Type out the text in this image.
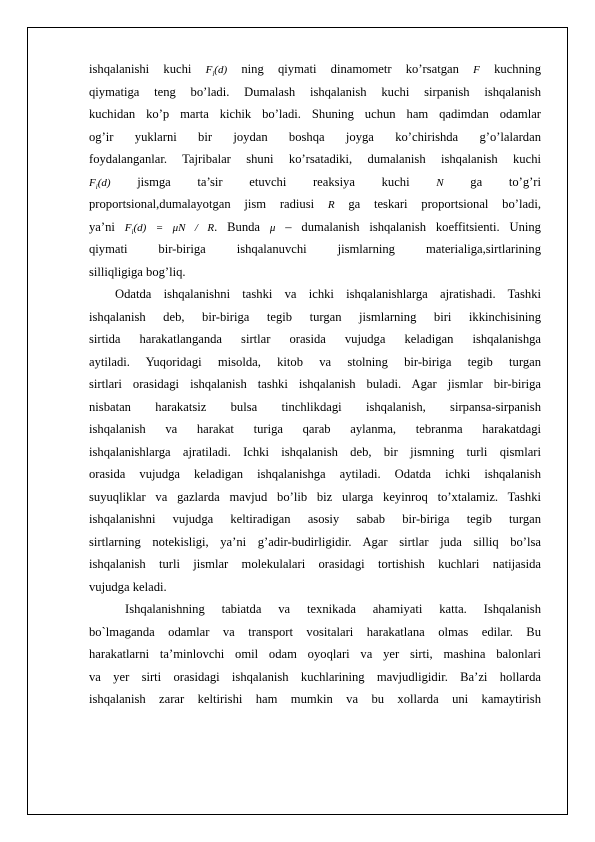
ishqalanishi kuchi $F_i(d)$ ning qiymati dinamometr ko’rsatgan F kuchning
qiymatiga teng bo’ladi. Dumalash ishqalanish kuchi sirpanish ishqalanish
kuchidan ko’p marta kichik bo’ladi. Shuning uchun ham qadimdan odamlar
og’ir yuklarni bir joydan boshqa joyga ko’chirishda g’o’lalardan
foydalanganlar. Tajribalar shuni ko’rsatadiki, dumalanish ishqalanish kuchi
$F_i(d)$ jismga ta’sir etuvchi reaksiya kuchi N ga to’g’ri
proportsional,dumalayotgan jism radiusi R ga teskari proportsional bo’ladi,
ya’ni $F_i(d) = \mu N / R$. Bunda μ – dumalanish ishqalanish koeffitsienti. Uning
qiymati bir-biriga ishqalanuvchi jismlarning materialiga,sirtlarining
silliqligiga bog’liq.
Odatda ishqalanishni tashki va ichki ishqalanishlarga ajratishadi. Tashki
ishqalanish deb, bir-biriga tegib turgan jismlarning biri ikkinchisining
sirtida harakatlanganda sirtlar orasida vujudga keladigan ishqalanishga
aytiladi. Yuqoridagi misolda, kitob va stolning bir-biriga tegib turgan
sirtlari orasidagi ishqalanish tashki ishqalanish buladi. Agar jismlar bir-biriga
nisbatan harakatsiz bulsa tinchlikdagi ishqalanish, sirpansa-sirpanish
ishqalanish va harakat turiga qarab aylanma, tebranma harakatdagi
ishqalanishlarga ajratiladi. Ichki ishqalanish deb, bir jismning turli qismlari
orasida vujudga keladigan ishqalanishga aytiladi. Odatda ichki ishqalanish
suyuqliklar va gazlarda mavjud bo’lib biz ularga keyinroq to’xtalamiz. Tashki
ishqalanishni vujudga keltiradigan asosiy sabab bir-biriga tegib turgan
sirtlarning notekisligi, ya’ni g’adir-budirligidir. Agar sirtlar juda silliq bo’lsa
ishqalanish turli jismlar molekulalari orasidagi tortishish kuchlari natijasida
vujudga keladi.
Ishqalanishning tabiatda va texnikada ahamiyati katta. Ishqalanish
bo`lmaganda odamlar va transport vositalari harakatlana olmas edilar. Bu
harakatlarni ta’minlovchi omil odam oyoqlari va yer sirti, mashina balonlari
va yer sirti orasidagi ishqalanish kuchlarining mavjudligidir. Ba’zi hollarda
ishqalanish zarar keltirishi ham mumkin va bu xollarda uni kamaytirish
